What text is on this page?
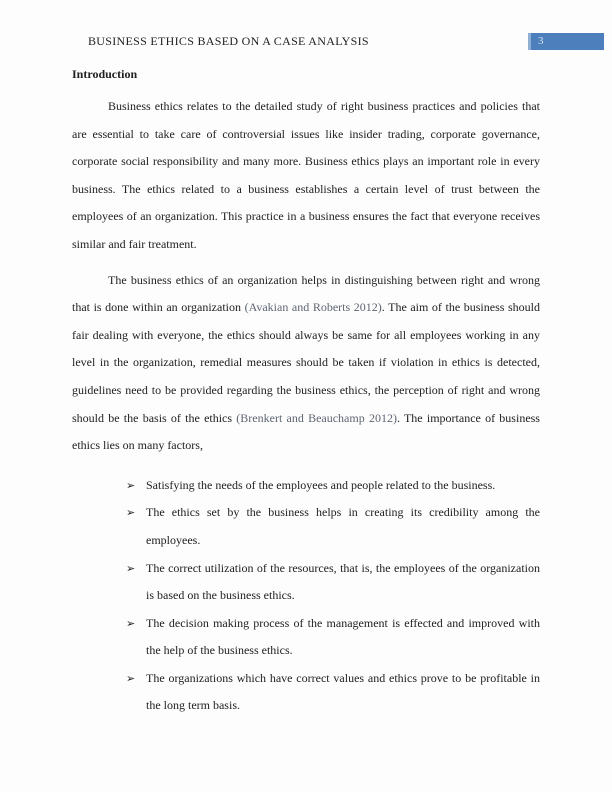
BUSINESS ETHICS BASED ON A CASE ANALYSIS	3
Introduction

Business ethics relates to the detailed study of right business practices and policies that are essential to take care of controversial issues like insider trading, corporate governance, corporate social responsibility and many more. Business ethics plays an important role in every business. The ethics related to a business establishes a certain level of trust between the employees of an organization. This practice in a business ensures the fact that everyone receives similar and fair treatment.

The business ethics of an organization helps in distinguishing between right and wrong that is done within an organization (Avakian and Roberts 2012). The aim of the business should fair dealing with everyone, the ethics should always be same for all employees working in any level in the organization, remedial measures should be taken if violation in ethics is detected, guidelines need to be provided regarding the business ethics, the perception of right and wrong should be the basis of the ethics (Brenkert and Beauchamp 2012). The importance of business ethics lies on many factors,

➢ Satisfying the needs of the employees and people related to the business.
➢ The ethics set by the business helps in creating its credibility among the employees.
➢ The correct utilization of the resources, that is, the employees of the organization is based on the business ethics.
➢ The decision making process of the management is effected and improved with the help of the business ethics.
➢ The organizations which have correct values and ethics prove to be profitable in the long term basis.
